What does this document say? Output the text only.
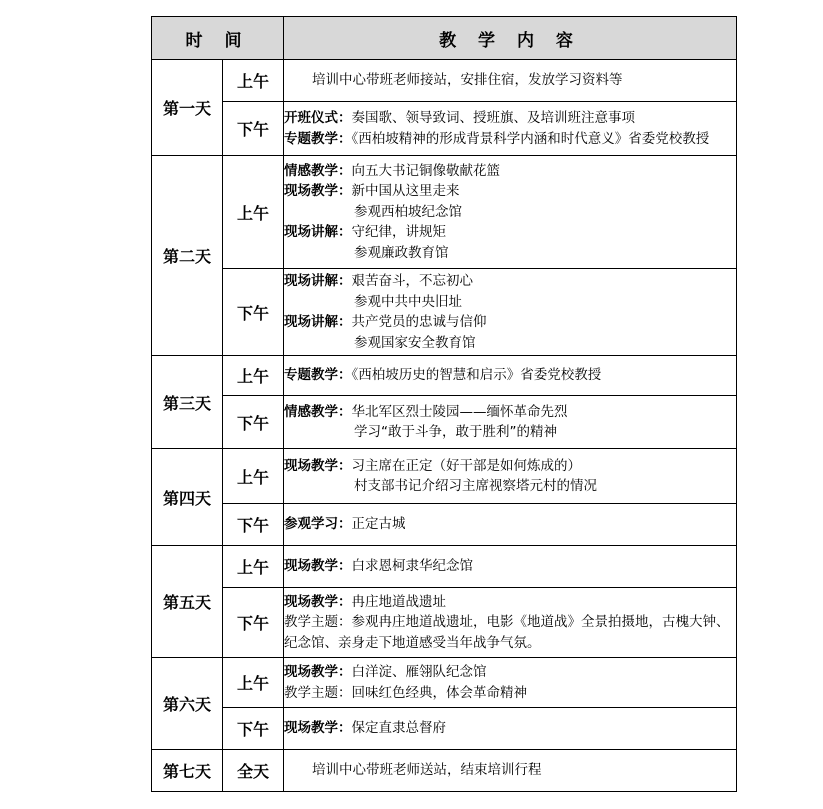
时 间		教 学 内 容
第一天	上午	培训中心带班老师接站，安排住宿，发放学习资料等

	下午	开班仪式：奏国歌、领导致词、授班旗、及培训班注意事项
专题教学：《西柏坡精神的形成背景科学内涵和时代意义》省委党校教授

第二天	上午	情感教学：向五大书记铜像敬献花篮
现场教学：新中国从这里走来
参观西柏坡纪念馆
现场讲解：守纪律，讲规矩
参观廉政教育馆

	下午	现场讲解：艰苦奋斗，不忘初心
参观中共中央旧址
现场讲解：共产党员的忠诚与信仰
参观国家安全教育馆

第三天	上午	专题教学：《西柏坡历史的智慧和启示》省委党校教授

	下午	情感教学：华北军区烈士陵园——缅怀革命先烈
学习“敢于斗争，敢于胜利”的精神

第四天	上午	现场教学：习主席在正定（好干部是如何炼成的）
村支部书记介绍习主席视察塔元村的情况

	下午	参观学习：正定古城

第五天	上午	现场教学：白求恩柯隶华纪念馆

	下午	现场教学：冉庄地道战遗址
教学主题：参观冉庄地道战遗址，电影《地道战》全景拍摄地，古槐大钟、纪念馆、亲身走下地道感受当年战争气氛。

第六天	上午	现场教学：白洋淀、雁翎队纪念馆
教学主题：回味红色经典，体会革命精神

	下午	现场教学：保定直隶总督府

第七天	全天	培训中心带班老师送站，结束培训行程
